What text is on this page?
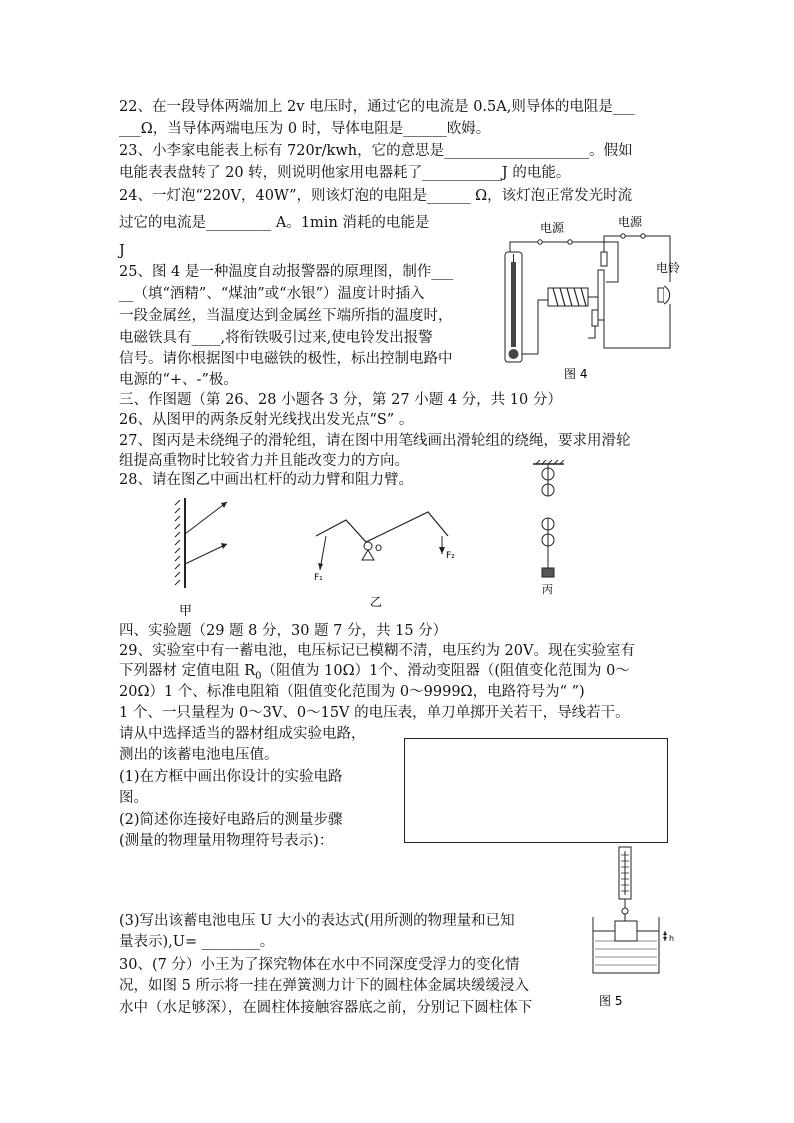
22、在一段导体两端加上 2v 电压时，通过它的电流是 0.5A,则导体的电阻是___
___Ω，当导体两端电压为 0 时，导体电阻是______欧姆。
23、小李家电能表上标有 720r/kwh，它的意思是____________________。假如
电能表表盘转了 20 转，则说明他家用电器耗了___________J 的电能。
24、一灯泡“220V，40W”，则该灯泡的电阻是______ Ω，该灯泡正常发光时流
过它的电流是_________ A。1min 消耗的电能是
J
25、图 4 是一种温度自动报警器的原理图，制作___
__（填“酒精”、“煤油”或“水银”）温度计时插入
一段金属丝，当温度达到金属丝下端所指的温度时，
电磁铁具有____,将衔铁吸引过来,使电铃发出报警
信号。请你根据图中电磁铁的极性，标出控制电路中
电源的“+、-”极。
三、作图题（第 26、28 小题各 3 分，第 27 小题 4 分，共 10 分）
26、从图甲的两条反射光线找出发光点“S” 。
27、图丙是未绕绳子的滑轮组，请在图中用笔线画出滑轮组的绕绳，要求用滑轮
组提高重物时比较省力并且能改变力的方向。
28、请在图乙中画出杠杆的动力臂和阻力臂。
四、实验题（29 题 8 分，30 题 7 分，共 15 分）
29、实验室中有一蓄电池，电压标记已模糊不清，电压约为 20V。现在实验室有
下列器材 定值电阻 $R_0$（阻值为 10Ω）1个、滑动变阻器（(阻值变化范围为 0～
20Ω）1 个、标准电阻箱（阻值变化范围为 0～9999Ω，电路符号为“ ”)
1 个、一只量程为 0～3V、0～15V 的电压表，单刀单掷开关若干，导线若干。
请从中选择适当的器材组成实验电路，
测出的该蓄电池电压值。
(1)在方框中画出你设计的实验电路
图。
(2)简述你连接好电路后的测量步骤
(测量的物理量用物理符号表示)：
(3)写出该蓄电池电压 U 大小的表达式(用所测的物理量和已知
量表示),U= ________。
30、(7 分）小王为了探究物体在水中不同深度受浮力的变化情
况，如图 5 所示将一挂在弹簧测力计下的圆柱体金属块缓缓浸入
水中（水足够深），在圆柱体接触容器底之前，分别记下圆柱体下
电源	电源
电铃
图 4
甲
O
F₁
F₂
乙
丙
h
图 5
